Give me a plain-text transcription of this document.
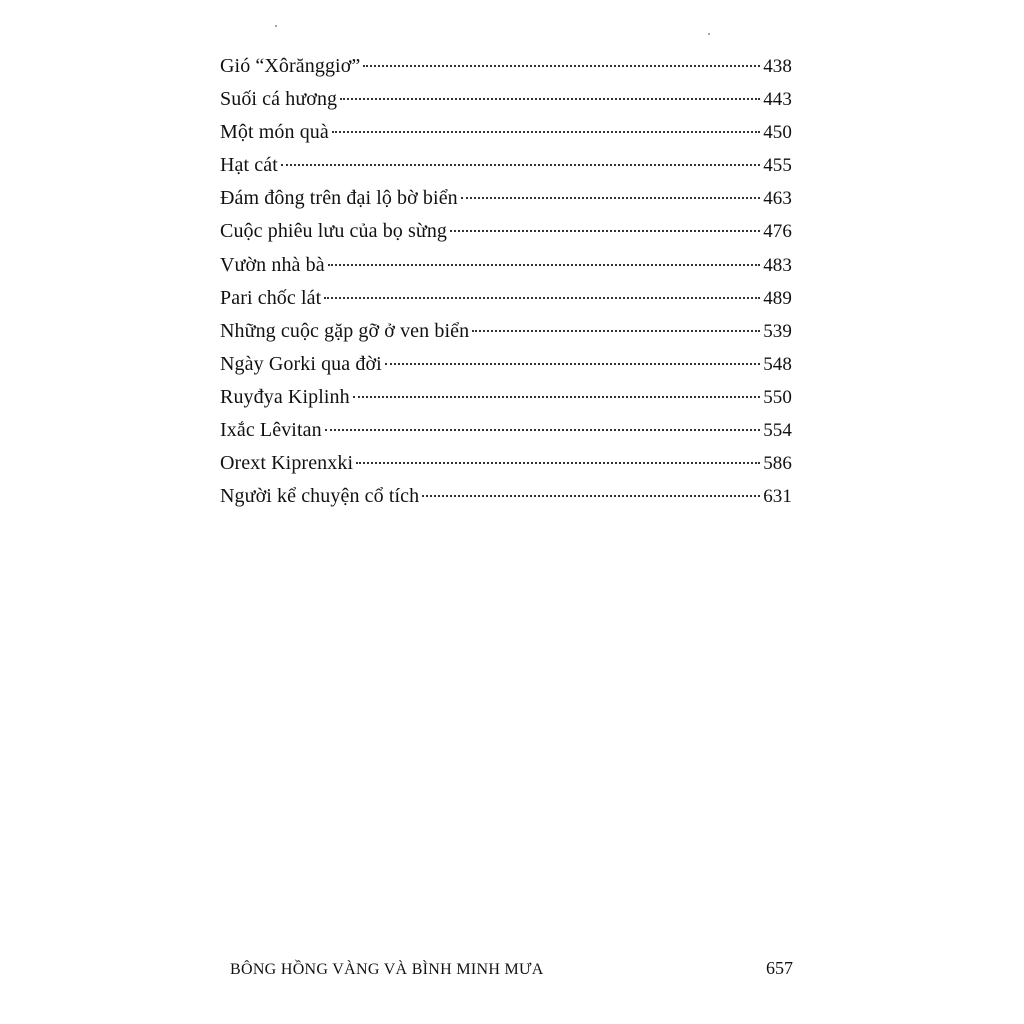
Gió “Xôrănggiơ”	438
Suối cá hương	443
Một món quà	450
Hạt cát	455
Đám đông trên đại lộ bờ biển	463
Cuộc phiêu lưu của bọ sừng	476
Vườn nhà bà	483
Pari chốc lát	489
Những cuộc gặp gỡ ở ven biển	539
Ngày Gorki qua đời	548
Ruyđya Kiplinh	550
Ixắc Lêvitan	554
Orext Kiprenxki	586
Người kể chuyện cổ tích	631
BÔNG HỒNG VÀNG VÀ BÌNH MINH MƯA	657
